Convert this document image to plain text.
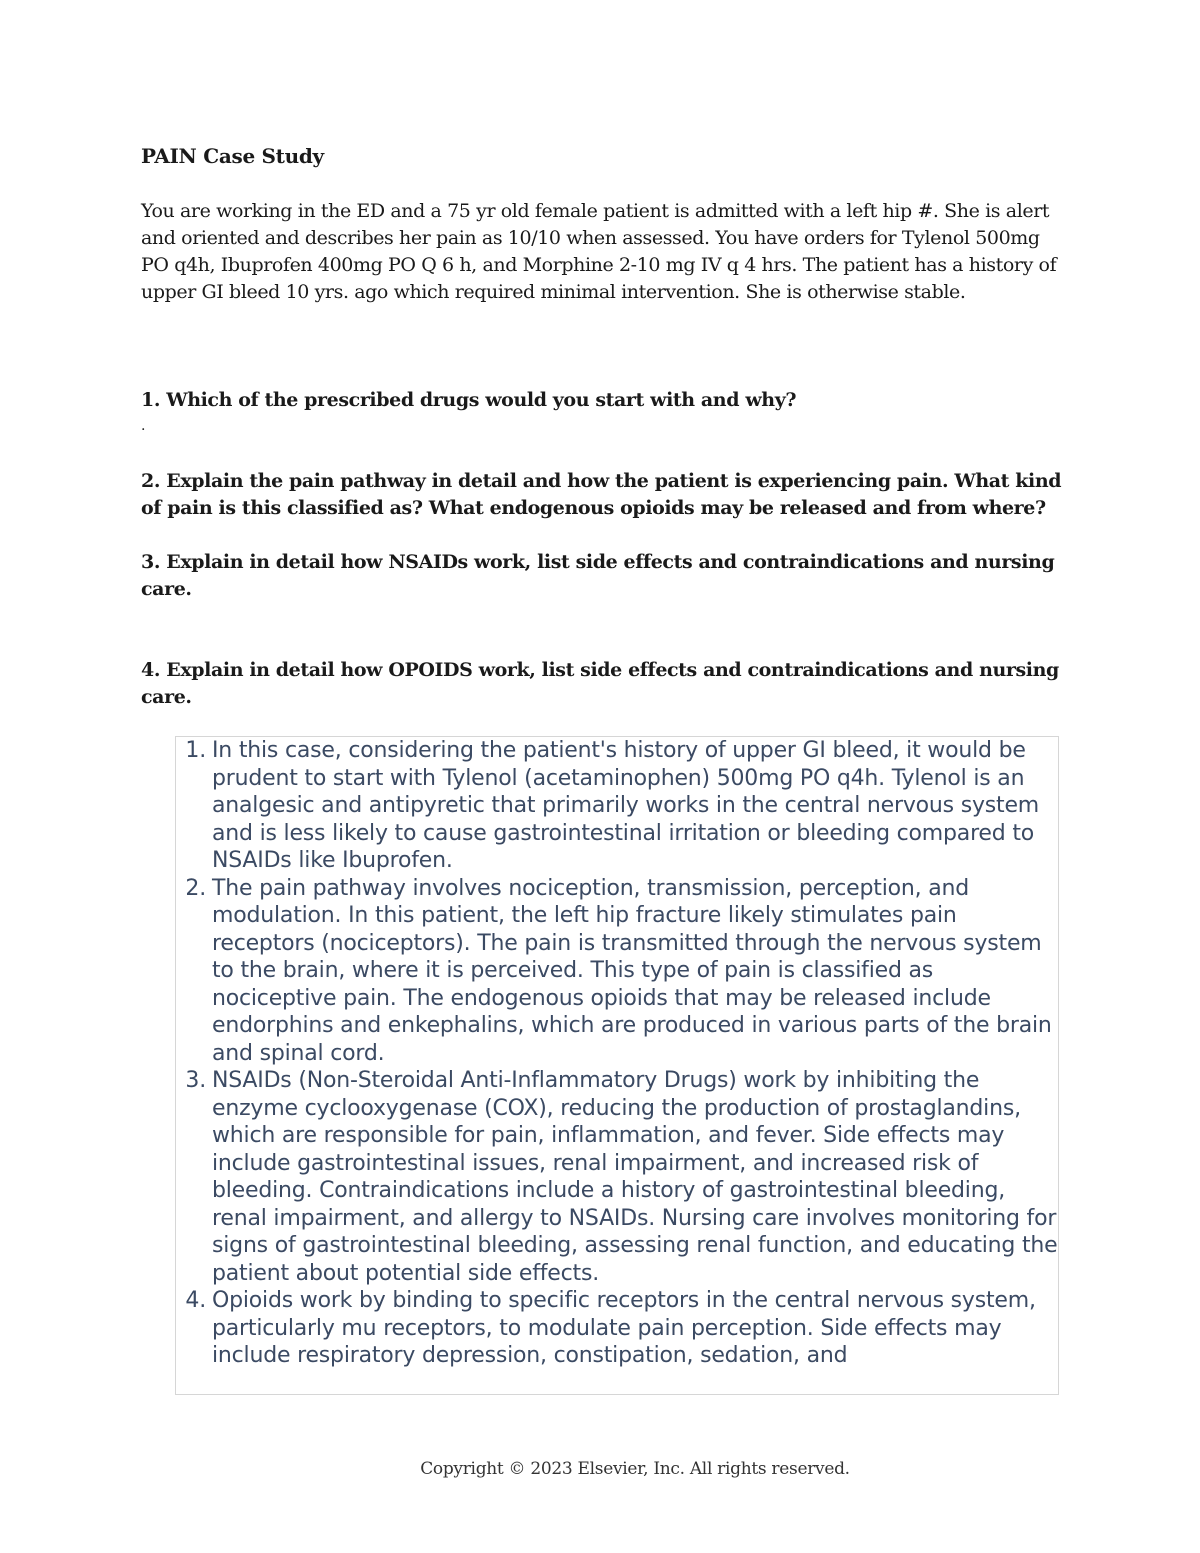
PAIN Case Study

You are working in the ED and a 75 yr old female patient is admitted with a left hip #. She is alert and oriented and describes her pain as 10/10 when assessed. You have orders for Tylenol 500mg PO q4h, Ibuprofen 400mg PO Q 6 h, and Morphine 2-10 mg IV q 4 hrs. The patient has a history of upper GI bleed 10 yrs. ago which required minimal intervention. She is otherwise stable.

1. Which of the prescribed drugs would you start with and why?

.

2. Explain the pain pathway in detail and how the patient is experiencing pain. What kind of pain is this classified as? What endogenous opioids may be released and from where?

3. Explain in detail how NSAIDs work, list side effects and contraindications and nursing care.

4. Explain in detail how OPOIDS work, list side effects and contraindications and nursing care.

1. In this case, considering the patient's history of upper GI bleed, it would be prudent to start with Tylenol (acetaminophen) 500mg PO q4h. Tylenol is an analgesic and antipyretic that primarily works in the central nervous system and is less likely to cause gastrointestinal irritation or bleeding compared to NSAIDs like Ibuprofen.
2. The pain pathway involves nociception, transmission, perception, and modulation. In this patient, the left hip fracture likely stimulates pain receptors (nociceptors). The pain is transmitted through the nervous system to the brain, where it is perceived. This type of pain is classified as nociceptive pain. The endogenous opioids that may be released include endorphins and enkephalins, which are produced in various parts of the brain and spinal cord.
3. NSAIDs (Non-Steroidal Anti-Inflammatory Drugs) work by inhibiting the enzyme cyclooxygenase (COX), reducing the production of prostaglandins, which are responsible for pain, inflammation, and fever. Side effects may include gastrointestinal issues, renal impairment, and increased risk of bleeding. Contraindications include a history of gastrointestinal bleeding, renal impairment, and allergy to NSAIDs. Nursing care involves monitoring for signs of gastrointestinal bleeding, assessing renal function, and educating the patient about potential side effects.
4. Opioids work by binding to specific receptors in the central nervous system, particularly mu receptors, to modulate pain perception. Side effects may include respiratory depression, constipation, sedation, and

Copyright © 2023 Elsevier, Inc. All rights reserved.
